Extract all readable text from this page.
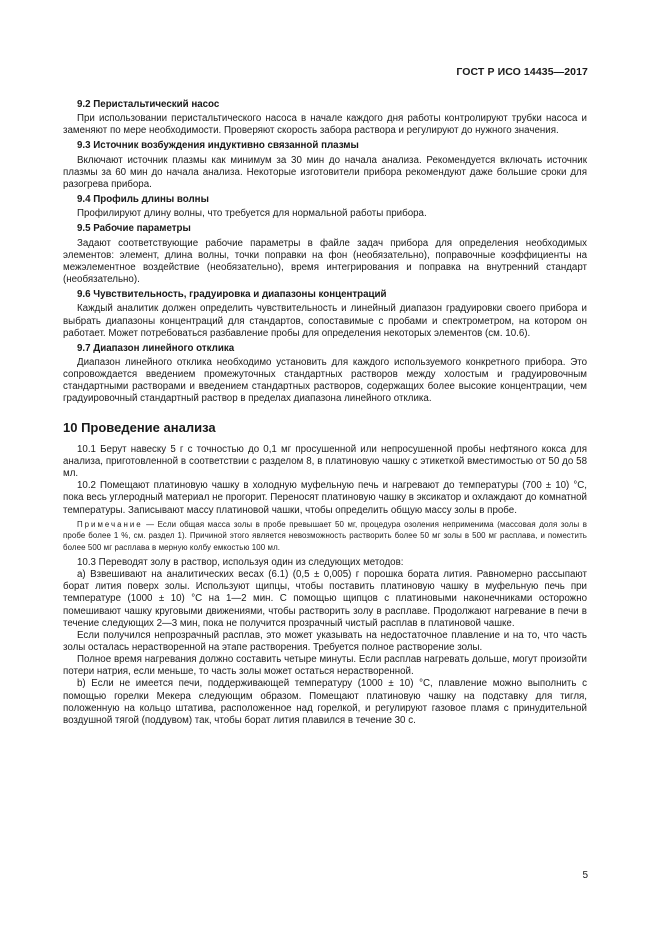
ГОСТ Р ИСО 14435—2017
9.2 Перистальтический насос

При использовании перистальтического насоса в начале каждого дня работы контролируют трубки насоса и заменяют по мере необходимости. Проверяют скорость забора раствора и регулируют до нужного значения.

9.3 Источник возбуждения индуктивно связанной плазмы

Включают источник плазмы как минимум за 30 мин до начала анализа. Рекомендуется включать источник плазмы за 60 мин до начала анализа. Некоторые изготовители прибора рекомендуют даже большие сроки для разогрева прибора.

9.4 Профиль длины волны

Профилируют длину волны, что требуется для нормальной работы прибора.

9.5 Рабочие параметры

Задают соответствующие рабочие параметры в файле задач прибора для определения необходимых элементов: элемент, длина волны, точки поправки на фон (необязательно), поправочные коэффициенты на межэлементное воздействие (необязательно), время интегрирования и поправка на внутренний стандарт (необязательно).

9.6 Чувствительность, градуировка и диапазоны концентраций

Каждый аналитик должен определить чувствительность и линейный диапазон градуировки своего прибора и выбрать диапазоны концентраций для стандартов, сопоставимые с пробами и спектрометром, на котором он работает. Может потребоваться разбавление пробы для определения некоторых элементов (см. 10.6).

9.7 Диапазон линейного отклика

Диапазон линейного отклика необходимо установить для каждого используемого конкретного прибора. Это сопровождается введением промежуточных стандартных растворов между холостым и градуировочным стандартными растворами и введением стандартных растворов, содержащих более высокие концентрации, чем градуировочный стандартный раствор в пределах диапазона линейного отклика.

10 Проведение анализа

10.1 Берут навеску 5 г с точностью до 0,1 мг просушенной или непросушенной пробы нефтяного кокса для анализа, приготовленной в соответствии с разделом 8, в платиновую чашку с этикеткой вместимостью от 50 до 58 мл.

10.2 Помещают платиновую чашку в холодную муфельную печь и нагревают до температуры (700 ± 10) °С, пока весь углеродный материал не прогорит. Переносят платиновую чашку в эксикатор и охлаждают до комнатной температуры. Записывают массу платиновой чашки, чтобы определить общую массу золы в пробе.

Примечание — Если общая масса золы в пробе превышает 50 мг, процедура озоления неприменима (массовая доля золы в пробе более 1 %, см. раздел 1). Причиной этого является невозможность растворить более 50 мг золы в 500 мг расплава, и поместить более 500 мг расплава в мерную колбу емкостью 100 мл.

10.3 Переводят золу в раствор, используя один из следующих методов:

а) Взвешивают на аналитических весах (6.1) (0,5 ± 0,005) г порошка бората лития. Равномерно рассыпают борат лития поверх золы. Используют щипцы, чтобы поставить платиновую чашку в муфельную печь при температуре (1000 ± 10) °С на 1—2 мин. С помощью щипцов с платиновыми наконечниками осторожно помешивают чашку круговыми движениями, чтобы растворить золу в расплаве. Продолжают нагревание в печи в течение следующих 2—3 мин, пока не получится прозрачный чистый расплав в платиновой чашке.

Если получился непрозрачный расплав, это может указывать на недостаточное плавление и на то, что часть золы осталась нерастворенной на этапе растворения. Требуется полное растворение золы.

Полное время нагревания должно составить четыре минуты. Если расплав нагревать дольше, могут произойти потери натрия, если меньше, то часть золы может остаться нерастворенной.

b) Если не имеется печи, поддерживающей температуру (1000 ± 10) °С, плавление можно выполнить с помощью горелки Мекера следующим образом. Помещают платиновую чашку на подставку для тигля, положенную на кольцо штатива, расположенное над горелкой, и регулируют газовое пламя с принудительной воздушной тягой (поддувом) так, чтобы борат лития плавился в течение 30 с.

5
